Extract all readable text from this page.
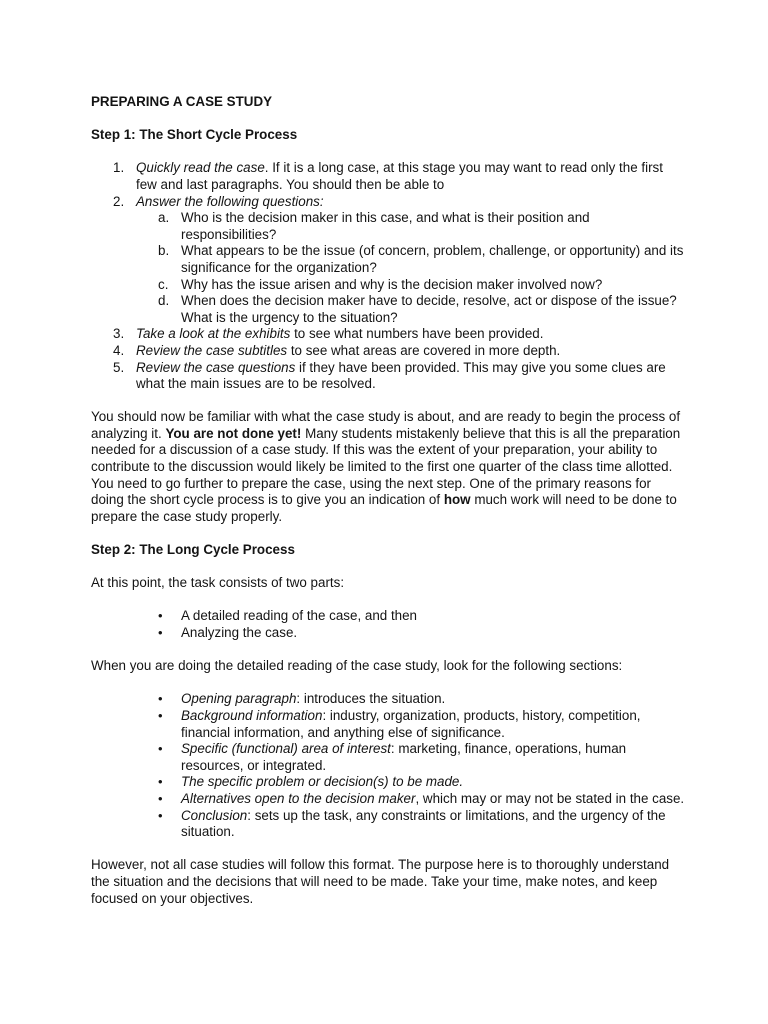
PREPARING A CASE STUDY
Step 1: The Short Cycle Process
1. Quickly read the case. If it is a long case, at this stage you may want to read only the first few and last paragraphs. You should then be able to
2. Answer the following questions:
a. Who is the decision maker in this case, and what is their position and responsibilities?
b. What appears to be the issue (of concern, problem, challenge, or opportunity) and its significance for the organization?
c. Why has the issue arisen and why is the decision maker involved now?
d. When does the decision maker have to decide, resolve, act or dispose of the issue? What is the urgency to the situation?
3. Take a look at the exhibits to see what numbers have been provided.
4. Review the case subtitles to see what areas are covered in more depth.
5. Review the case questions if they have been provided. This may give you some clues are what the main issues are to be resolved.

You should now be familiar with what the case study is about, and are ready to begin the process of analyzing it. You are not done yet! Many students mistakenly believe that this is all the preparation needed for a discussion of a case study. If this was the extent of your preparation, your ability to contribute to the discussion would likely be limited to the first one quarter of the class time allotted. You need to go further to prepare the case, using the next step. One of the primary reasons for doing the short cycle process is to give you an indication of how much work will need to be done to prepare the case study properly.

Step 2: The Long Cycle Process

At this point, the task consists of two parts:

• A detailed reading of the case, and then
• Analyzing the case.

When you are doing the detailed reading of the case study, look for the following sections:

• Opening paragraph: introduces the situation.
• Background information: industry, organization, products, history, competition, financial information, and anything else of significance.
• Specific (functional) area of interest: marketing, finance, operations, human resources, or integrated.
• The specific problem or decision(s) to be made.
• Alternatives open to the decision maker, which may or may not be stated in the case.
• Conclusion: sets up the task, any constraints or limitations, and the urgency of the situation.

However, not all case studies will follow this format. The purpose here is to thoroughly understand the situation and the decisions that will need to be made. Take your time, make notes, and keep focused on your objectives.
